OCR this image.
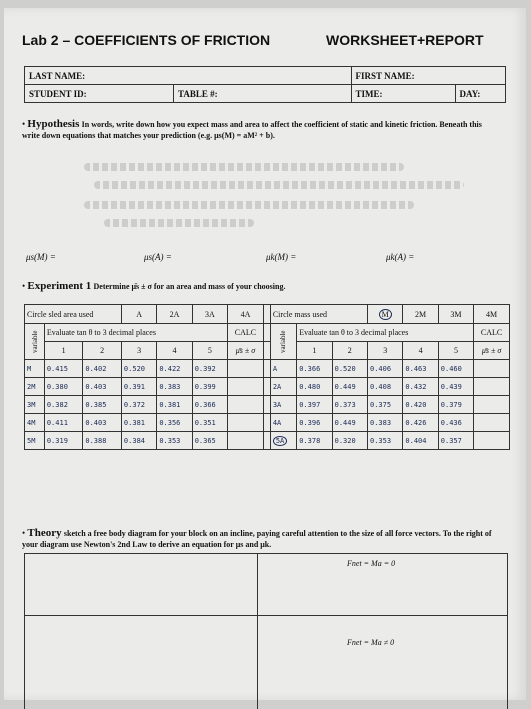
Lab 2 – COEFFICIENTS OF FRICTION	WORKSHEET+REPORT
LAST NAME:		FIRST NAME:	
STUDENT ID:	TABLE #:	TIME:	DAY:
• Hypothesis In words, write down how you expect mass and area to affect the coefficient of static and kinetic friction. Beneath this write down equations that matches your prediction (e.g. μs(M) = aM² + b).
μs(M) =	μs(A) =	μk(M) =	μk(A) =
• Experiment 1 Determine μ̄s ± σ for an area and mass of your choosing.
Circle sled area used			A	2A	3A	4A		Circle mass used			M	2M	3M	4M
variable	Evaluate tan θ to 3 decimal places					CALC		variable	Evaluate tan θ to 3 decimal places					CALC
	1	2	3	4	5	μ̄s ± σ			1	2	3	4	5	μ̄s ± σ
M	0.415	0.402	0.520	0.422	0.392			A	0.366	0.520	0.406	0.463	0.460	
2M	0.380	0.403	0.391	0.383	0.399			2A	0.480	0.449	0.408	0.432	0.439	
3M	0.382	0.385	0.372	0.381	0.366			3A	0.397	0.373	0.375	0.420	0.379	
4M	0.411	0.403	0.381	0.356	0.351			4A	0.396	0.449	0.383	0.426	0.436	
5M	0.319	0.388	0.384	0.353	0.365			5A	0.378	0.320	0.353	0.404	0.357	
• Theory sketch a free body diagram for your block on an incline, paying careful attention to the size of all force vectors. To the right of your diagram use Newton's 2nd Law to derive an equation for μs and μk.
Fnet = Ma = 0
Fnet = Ma ≠ 0
